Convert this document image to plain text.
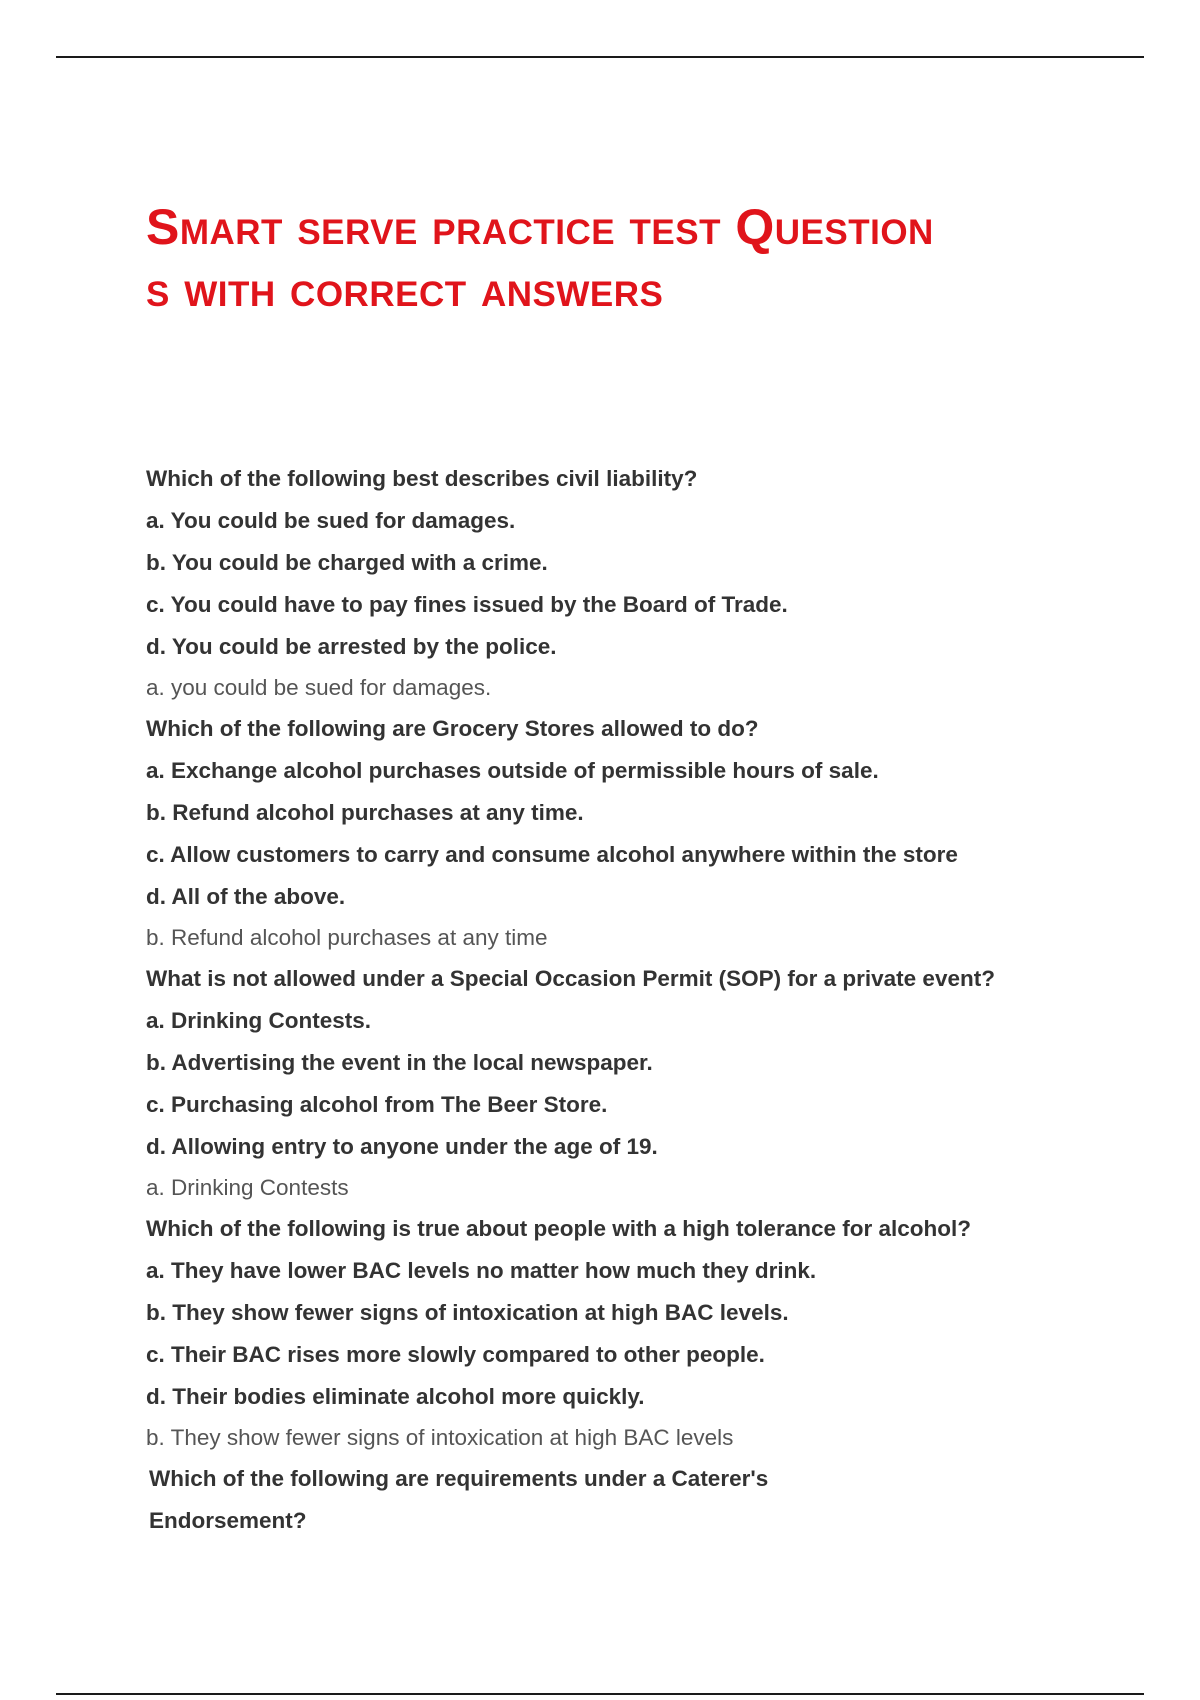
Smart serve practice test Question
s with correct answers
Which of the following best describes civil liability?
a. You could be sued for damages.
b. You could be charged with a crime.
c. You could have to pay fines issued by the Board of Trade.
d. You could be arrested by the police.
a. you could be sued for damages.
Which of the following are Grocery Stores allowed to do?
a. Exchange alcohol purchases outside of permissible hours of sale.
b. Refund alcohol purchases at any time.
c. Allow customers to carry and consume alcohol anywhere within the store
d. All of the above.
b. Refund alcohol purchases at any time
What is not allowed under a Special Occasion Permit (SOP) for a private event?
a. Drinking Contests.
b. Advertising the event in the local newspaper.
c. Purchasing alcohol from The Beer Store.
d. Allowing entry to anyone under the age of 19.
a. Drinking Contests
Which of the following is true about people with a high tolerance for alcohol?
a. They have lower BAC levels no matter how much they drink.
b. They show fewer signs of intoxication at high BAC levels.
c. Their BAC rises more slowly compared to other people.
d. Their bodies eliminate alcohol more quickly.
b. They show fewer signs of intoxication at high BAC levels
Which of the following are requirements under a Caterer's
Endorsement?
